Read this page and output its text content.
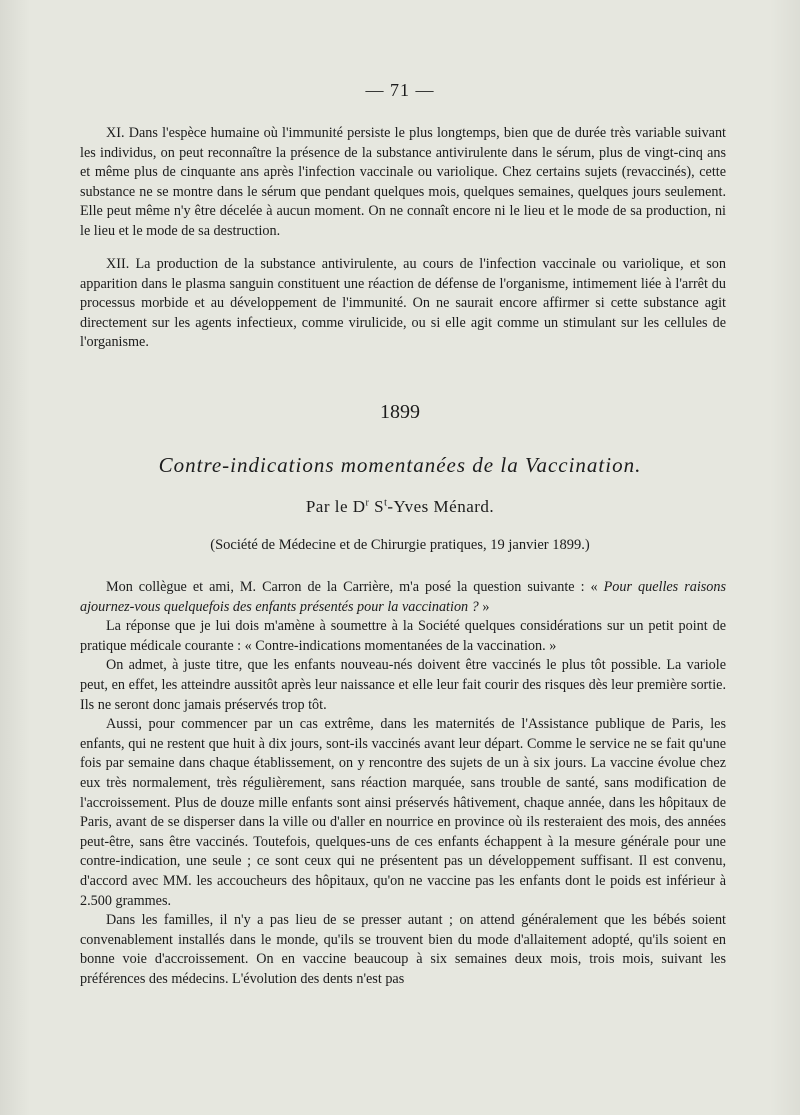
— 71 —

XI. Dans l'espèce humaine où l'immunité persiste le plus longtemps, bien que de durée très variable suivant les individus, on peut reconnaître la présence de la substance antivirulente dans le sérum, plus de vingt-cinq ans et même plus de cinquante ans après l'infection vaccinale ou variolique. Chez certains sujets (revaccinés), cette substance ne se montre dans le sérum que pendant quelques mois, quelques semaines, quelques jours seulement. Elle peut même n'y être décelée à aucun moment. On ne connaît encore ni le lieu et le mode de sa production, ni le lieu et le mode de sa destruction.

XII. La production de la substance antivirulente, au cours de l'infection vaccinale ou variolique, et son apparition dans le plasma sanguin constituent une réaction de défense de l'organisme, intimement liée à l'arrêt du processus morbide et au développement de l'immunité. On ne saurait encore affirmer si cette substance agit directement sur les agents infectieux, comme virulicide, ou si elle agit comme un stimulant sur les cellules de l'organisme.

1899
Contre-indications momentanées de la Vaccination.
Par le $D^r$ $S^t$-Yves Ménard.
(Société de Médecine et de Chirurgie pratiques, 19 janvier 1899.)

Mon collègue et ami, M. Carron de la Carrière, m'a posé la question suivante : « Pour quelles raisons ajournez-vous quelquefois des enfants présentés pour la vaccination ? »

La réponse que je lui dois m'amène à soumettre à la Société quelques considérations sur un petit point de pratique médicale courante : « Contre-indications momentanées de la vaccination. »

On admet, à juste titre, que les enfants nouveau-nés doivent être vaccinés le plus tôt possible. La variole peut, en effet, les atteindre aussitôt après leur naissance et elle leur fait courir des risques dès leur première sortie. Ils ne seront donc jamais préservés trop tôt.

Aussi, pour commencer par un cas extrême, dans les maternités de l'Assistance publique de Paris, les enfants, qui ne restent que huit à dix jours, sont-ils vaccinés avant leur départ. Comme le service ne se fait qu'une fois par semaine dans chaque établissement, on y rencontre des sujets de un à six jours. La vaccine évolue chez eux très normalement, très régulièrement, sans réaction marquée, sans trouble de santé, sans modification de l'accroissement. Plus de douze mille enfants sont ainsi préservés hâtivement, chaque année, dans les hôpitaux de Paris, avant de se disperser dans la ville ou d'aller en nourrice en province où ils resteraient des mois, des années peut-être, sans être vaccinés. Toutefois, quelques-uns de ces enfants échappent à la mesure générale pour une contre-indication, une seule ; ce sont ceux qui ne présentent pas un développement suffisant. Il est convenu, d'accord avec MM. les accoucheurs des hôpitaux, qu'on ne vaccine pas les enfants dont le poids est inférieur à 2.500 grammes.

Dans les familles, il n'y a pas lieu de se presser autant ; on attend généralement que les bébés soient convenablement installés dans le monde, qu'ils se trouvent bien du mode d'allaitement adopté, qu'ils soient en bonne voie d'accroissement. On en vaccine beaucoup à six semaines deux mois, trois mois, suivant les préférences des médecins. L'évolution des dents n'est pas
